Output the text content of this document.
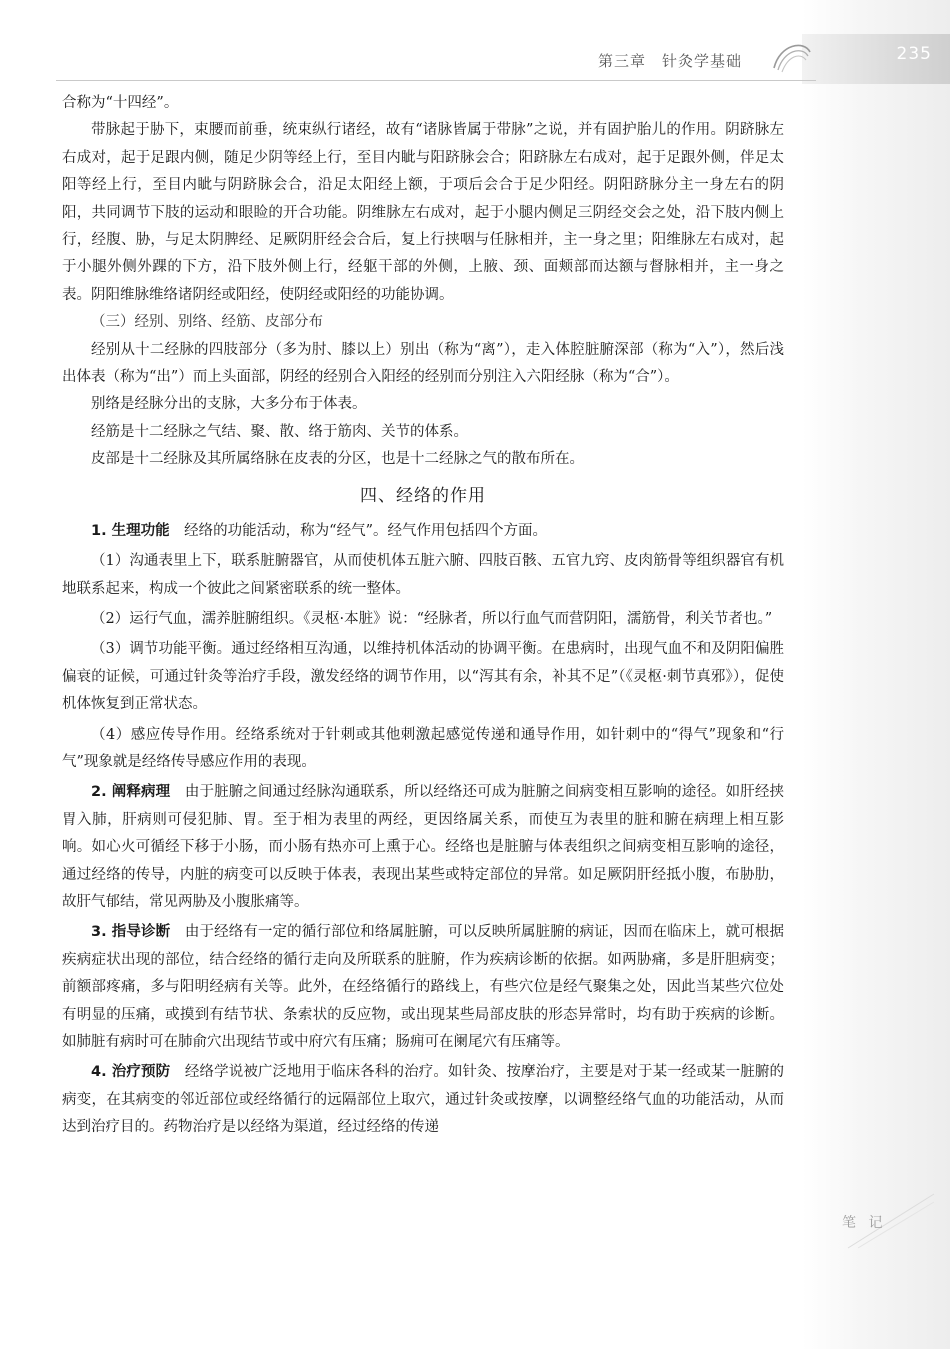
235
第三章　针灸学基础

合称为“十四经”。

带脉起于胁下，束腰而前垂，统束纵行诸经，故有“诸脉皆属于带脉”之说，并有固护胎儿的作用。阴跻脉左右成对，起于足跟内侧，随足少阴等经上行，至目内眦与阳跻脉会合；阳跻脉左右成对，起于足跟外侧，伴足太阳等经上行，至目内眦与阴跻脉会合，沿足太阳经上额，于项后会合于足少阳经。阴阳跻脉分主一身左右的阴阳，共同调节下肢的运动和眼睑的开合功能。阴维脉左右成对，起于小腿内侧足三阴经交会之处，沿下肢内侧上行，经腹、胁，与足太阴脾经、足厥阴肝经会合后，复上行挟咽与任脉相并，主一身之里；阳维脉左右成对，起于小腿外侧外踝的下方，沿下肢外侧上行，经躯干部的外侧，上腋、颈、面颊部而达额与督脉相并，主一身之表。阴阳维脉维络诸阴经或阳经，使阴经或阳经的功能协调。

（三）经别、别络、经筋、皮部分布

经别从十二经脉的四肢部分（多为肘、膝以上）别出（称为“离”），走入体腔脏腑深部（称为“入”），然后浅出体表（称为“出”）而上头面部，阴经的经别合入阳经的经别而分别注入六阳经脉（称为“合”）。

别络是经脉分出的支脉，大多分布于体表。

经筋是十二经脉之气结、聚、散、络于筋肉、关节的体系。

皮部是十二经脉及其所属络脉在皮表的分区，也是十二经脉之气的散布所在。

四、经络的作用

1. 生理功能　经络的功能活动，称为“经气”。经气作用包括四个方面。

（1）沟通表里上下，联系脏腑器官，从而使机体五脏六腑、四肢百骸、五官九窍、皮肉筋骨等组织器官有机地联系起来，构成一个彼此之间紧密联系的统一整体。

（2）运行气血，濡养脏腑组织。《灵枢·本脏》说：“经脉者，所以行血气而营阴阳，濡筋骨，利关节者也。”

（3）调节功能平衡。通过经络相互沟通，以维持机体活动的协调平衡。在患病时，出现气血不和及阴阳偏胜偏衰的证候，可通过针灸等治疗手段，激发经络的调节作用，以“泻其有余，补其不足”（《灵枢·刺节真邪》），促使机体恢复到正常状态。

（4）感应传导作用。经络系统对于针刺或其他刺激起感觉传递和通导作用，如针刺中的“得气”现象和“行气”现象就是经络传导感应作用的表现。

2. 阐释病理　由于脏腑之间通过经脉沟通联系，所以经络还可成为脏腑之间病变相互影响的途径。如肝经挟胃入肺，肝病则可侵犯肺、胃。至于相为表里的两经，更因络属关系，而使互为表里的脏和腑在病理上相互影响。如心火可循经下移于小肠，而小肠有热亦可上熏于心。经络也是脏腑与体表组织之间病变相互影响的途径，通过经络的传导，内脏的病变可以反映于体表，表现出某些或特定部位的异常。如足厥阴肝经抵小腹，布胁肋，故肝气郁结，常见两胁及小腹胀痛等。

3. 指导诊断　由于经络有一定的循行部位和络属脏腑，可以反映所属脏腑的病证，因而在临床上，就可根据疾病症状出现的部位，结合经络的循行走向及所联系的脏腑，作为疾病诊断的依据。如两胁痛，多是肝胆病变；前额部疼痛，多与阳明经病有关等。此外，在经络循行的路线上，有些穴位是经气聚集之处，因此当某些穴位处有明显的压痛，或摸到有结节状、条索状的反应物，或出现某些局部皮肤的形态异常时，均有助于疾病的诊断。如肺脏有病时可在肺俞穴出现结节或中府穴有压痛；肠痈可在阑尾穴有压痛等。

4. 治疗预防　经络学说被广泛地用于临床各科的治疗。如针灸、按摩治疗，主要是对于某一经或某一脏腑的病变，在其病变的邻近部位或经络循行的远隔部位上取穴，通过针灸或按摩，以调整经络气血的功能活动，从而达到治疗目的。药物治疗是以经络为渠道，经过经络的传递

笔 记
